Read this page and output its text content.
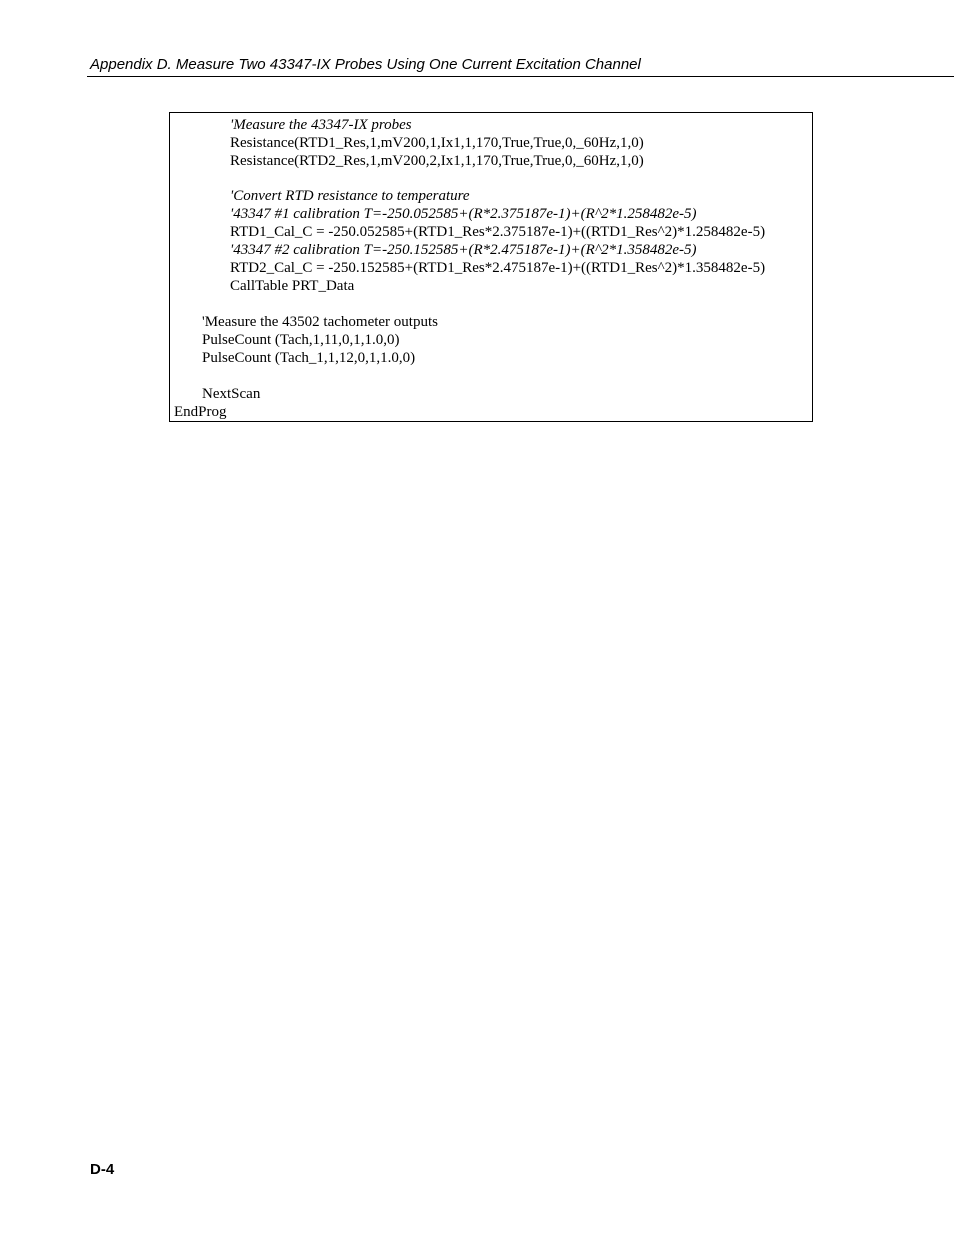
Appendix D. Measure Two 43347-IX Probes Using One Current Excitation Channel
'Measure the 43347-IX probes
Resistance(RTD1_Res,1,mV200,1,Ix1,1,170,True,True,0,_60Hz,1,0)
Resistance(RTD2_Res,1,mV200,2,Ix1,1,170,True,True,0,_60Hz,1,0)
'Convert RTD resistance to temperature
'43347 #1 calibration T=-250.052585+(R*2.375187e-1)+(R^2*1.258482e-5)
RTD1_Cal_C = -250.052585+(RTD1_Res*2.375187e-1)+((RTD1_Res^2)*1.258482e-5)
'43347 #2 calibration T=-250.152585+(R*2.475187e-1)+(R^2*1.358482e-5)
RTD2_Cal_C = -250.152585+(RTD1_Res*2.475187e-1)+((RTD1_Res^2)*1.358482e-5)
CallTable PRT_Data
'Measure the 43502 tachometer outputs
PulseCount (Tach,1,11,0,1,1.0,0)
PulseCount (Tach_1,1,12,0,1,1.0,0)
NextScan
EndProg
D-4
